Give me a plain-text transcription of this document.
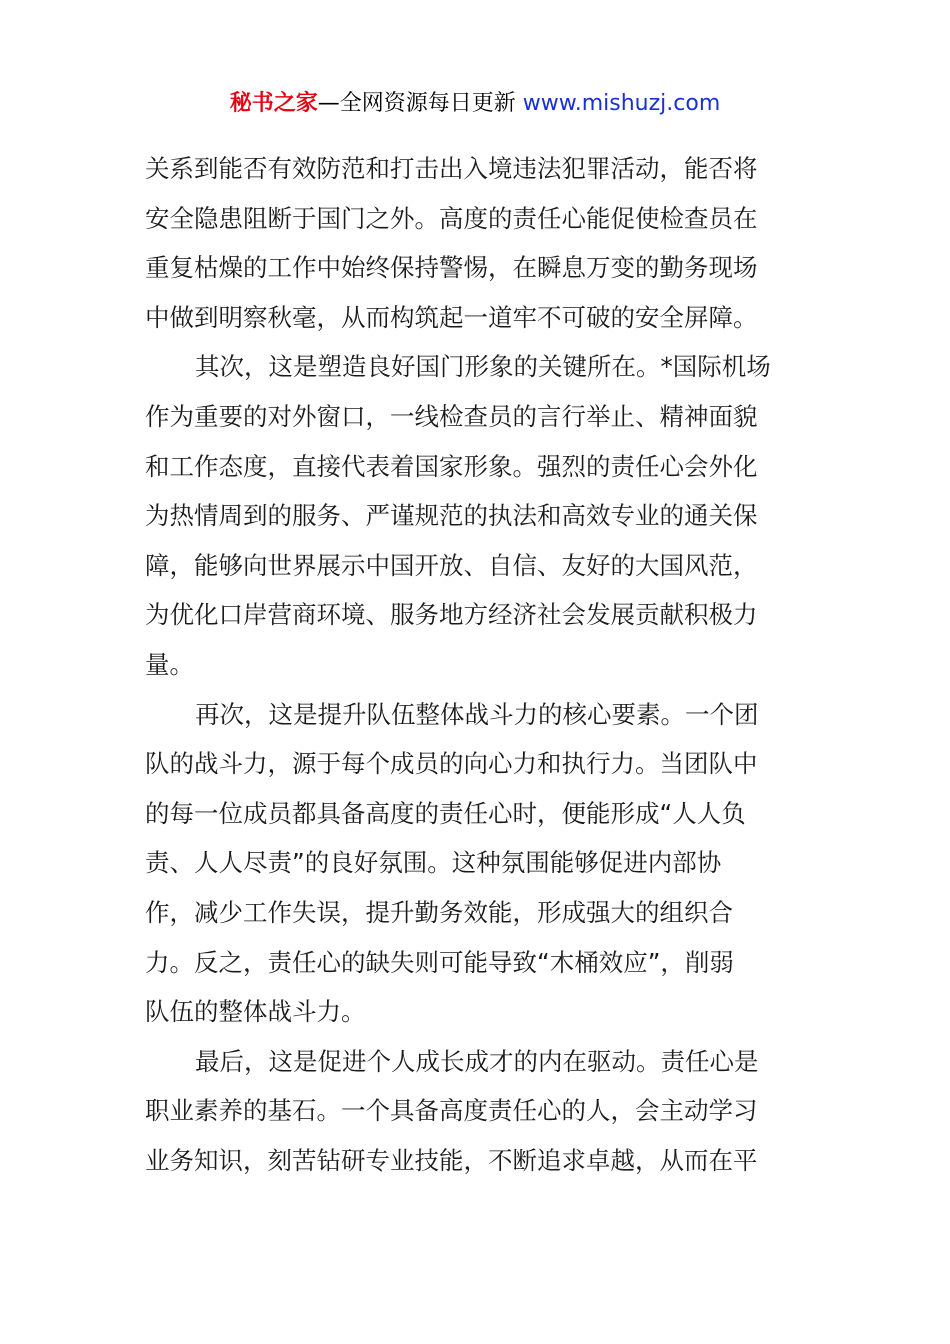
秘书之家—全网资源每日更新 www.mishuzj.com
关系到能否有效防范和打击出入境违法犯罪活动，能否将
安全隐患阻断于国门之外。高度的责任心能促使检查员在
重复枯燥的工作中始终保持警惕，在瞬息万变的勤务现场
中做到明察秋毫，从而构筑起一道牢不可破的安全屏障。
其次，这是塑造良好国门形象的关键所在。*国际机场
作为重要的对外窗口，一线检查员的言行举止、精神面貌
和工作态度，直接代表着国家形象。强烈的责任心会外化
为热情周到的服务、严谨规范的执法和高效专业的通关保
障，能够向世界展示中国开放、自信、友好的大国风范，
为优化口岸营商环境、服务地方经济社会发展贡献积极力
量。
再次，这是提升队伍整体战斗力的核心要素。一个团
队的战斗力，源于每个成员的向心力和执行力。当团队中
的每一位成员都具备高度的责任心时，便能形成“人人负
责、人人尽责”的良好氛围。这种氛围能够促进内部协
作，减少工作失误，提升勤务效能，形成强大的组织合
力。反之，责任心的缺失则可能导致“木桶效应”，削弱
队伍的整体战斗力。
最后，这是促进个人成长成才的内在驱动。责任心是
职业素养的基石。一个具备高度责任心的人，会主动学习
业务知识，刻苦钻研专业技能，不断追求卓越，从而在平
